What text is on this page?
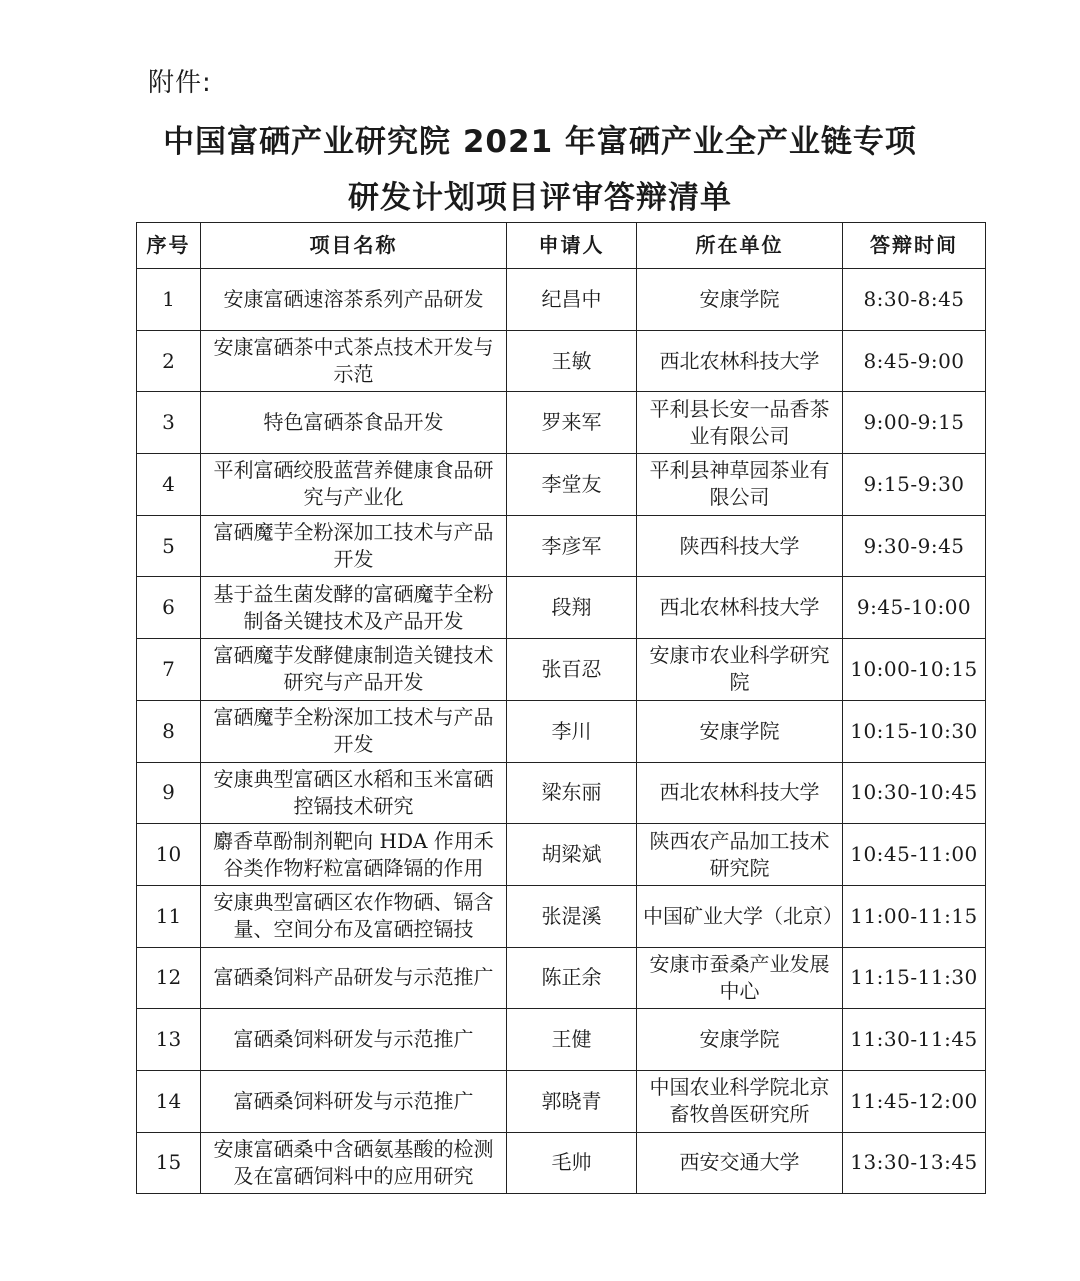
附件:
中国富硒产业研究院 2021 年富硒产业全产业链专项
研发计划项目评审答辩清单
序号	项目名称	申请人	所在单位	答辩时间
1	安康富硒速溶茶系列产品研发	纪昌中	安康学院	8:30-8:45
2	安康富硒茶中式茶点技术开发与示范	王敏	西北农林科技大学	8:45-9:00
3	特色富硒茶食品开发	罗来军	平利县长安一品香茶业有限公司	9:00-9:15
4	平利富硒绞股蓝营养健康食品研究与产业化	李堂友	平利县神草园茶业有限公司	9:15-9:30
5	富硒魔芋全粉深加工技术与产品开发	李彦军	陕西科技大学	9:30-9:45
6	基于益生菌发酵的富硒魔芋全粉制备关键技术及产品开发	段翔	西北农林科技大学	9:45-10:00
7	富硒魔芋发酵健康制造关键技术研究与产品开发	张百忍	安康市农业科学研究院	10:00-10:15
8	富硒魔芋全粉深加工技术与产品开发	李川	安康学院	10:15-10:30
9	安康典型富硒区水稻和玉米富硒控镉技术研究	梁东丽	西北农林科技大学	10:30-10:45
10	麝香草酚制剂靶向 HDA 作用禾谷类作物籽粒富硒降镉的作用	胡梁斌	陕西农产品加工技术研究院	10:45-11:00
11	安康典型富硒区农作物硒、镉含量、空间分布及富硒控镉技	张湜溪	中国矿业大学（北京）	11:00-11:15
12	富硒桑饲料产品研发与示范推广	陈正余	安康市蚕桑产业发展中心	11:15-11:30
13	富硒桑饲料研发与示范推广	王健	安康学院	11:30-11:45
14	富硒桑饲料研发与示范推广	郭晓青	中国农业科学院北京畜牧兽医研究所	11:45-12:00
15	安康富硒桑中含硒氨基酸的检测及在富硒饲料中的应用研究	毛帅	西安交通大学	13:30-13:45
